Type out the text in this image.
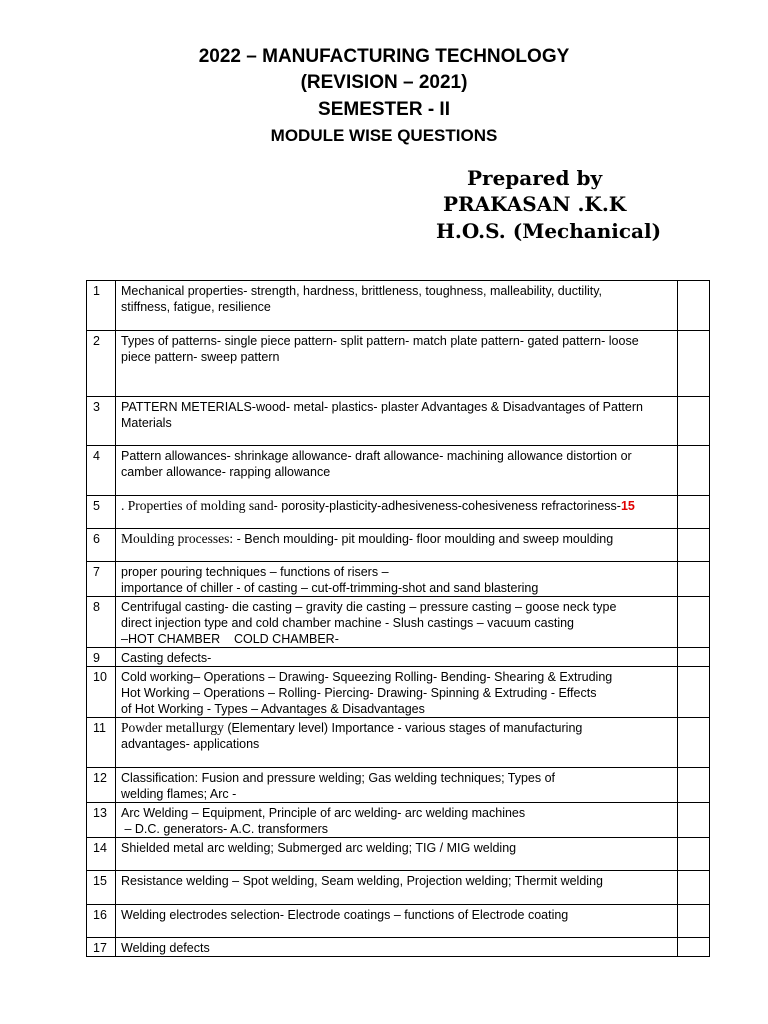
2022 – MANUFACTURING TECHNOLOGY
(REVISION – 2021)
SEMESTER - II
MODULE WISE QUESTIONS
Prepared by
PRAKASAN .K.K
H.O.S. (Mechanical)
1	Mechanical properties- strength, hardness, brittleness, toughness, malleability, ductility,
stiffness, fatigue, resilience	

2	Types of patterns- single piece pattern- split pattern- match plate pattern- gated pattern- loose
piece pattern- sweep pattern	

3	PATTERN METERIALS-wood- metal- plastics- plaster Advantages & Disadvantages of Pattern
Materials	

4	Pattern allowances- shrinkage allowance- draft allowance- machining allowance distortion or
camber allowance- rapping allowance	

5	. Properties of molding sand- porosity-plasticity-adhesiveness-cohesiveness refractoriness-15	
6	Moulding processes: - Bench moulding- pit moulding- floor moulding and sweep moulding	
7	proper pouring techniques – functions of risers –
importance of chiller - of casting – cut-off-trimming-shot and sand blastering	

8	Centrifugal casting- die casting – gravity die casting – pressure casting – goose neck type
direct injection type and cold chamber machine - Slush castings – vacuum casting
–HOT CHAMBER    COLD CHAMBER-	

9	Casting defects-	

10	Cold working– Operations – Drawing- Squeezing Rolling- Bending- Shearing & Extruding
Hot Working – Operations – Rolling- Piercing- Drawing- Spinning & Extruding - Effects
of Hot Working - Types – Advantages & Disadvantages	

11	Powder metallurgy (Elementary level) Importance - various stages of manufacturing
advantages- applications	

12	Classification: Fusion and pressure welding; Gas welding techniques; Types of
welding flames; Arc -	

13	Arc Welding – Equipment, Principle of arc welding- arc welding machines
– D.C. generators- A.C. transformers	

14	Shielded metal arc welding; Submerged arc welding; TIG / MIG welding	

15	Resistance welding – Spot welding, Seam welding, Projection welding; Thermit welding	

16	Welding electrodes selection- Electrode coatings – functions of Electrode coating	

17	Welding defects	
